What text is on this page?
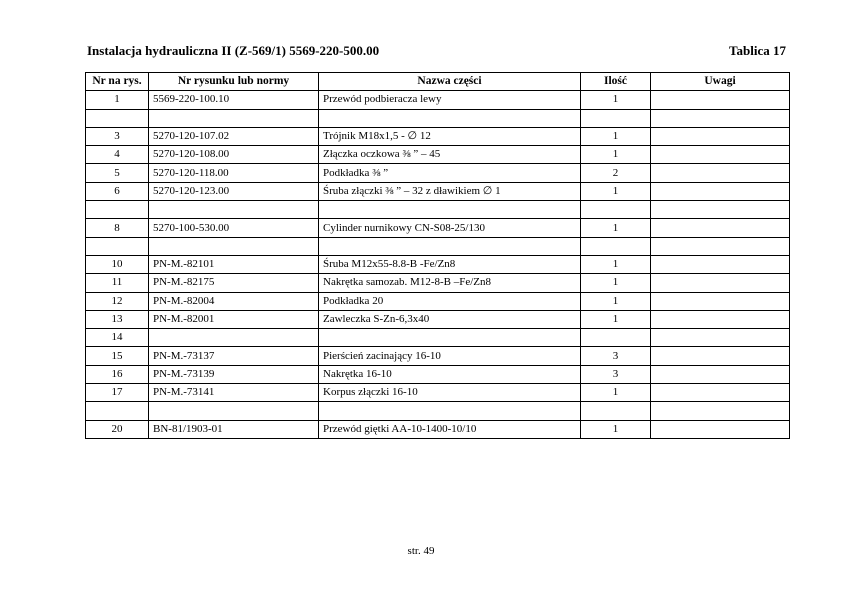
Instalacja hydrauliczna II (Z-569/1) 5569-220-500.00	Tablica 17
Nr na rys.	Nr rysunku lub normy	Nazwa części	Ilość	Uwagi
1	5569-220-100.10	Przewód podbieracza lewy	1	

3	5270-120-107.02	Trójnik M18x1,5 - ∅ 12	1	
4	5270-120-108.00	Złączka oczkowa ⅜ ” – 45	1	
5	5270-120-118.00	Podkładka ⅜ ”	2	
6	5270-120-123.00	Śruba złączki ⅜ ” – 32 z dławikiem ∅ 1	1	

8	5270-100-530.00	Cylinder nurnikowy CN-S08-25/130	1	

10	PN-M.-82101	Śruba M12x55-8.8-B -Fe/Zn8	1	
11	PN-M.-82175	Nakrętka samozab. M12-8-B –Fe/Zn8	1	
12	PN-M.-82004	Podkładka 20	1	
13	PN-M.-82001	Zawleczka S-Zn-6,3x40	1	
14				
15	PN-M.-73137	Pierścień zacinający 16-10	3	
16	PN-M.-73139	Nakrętka 16-10	3	
17	PN-M.-73141	Korpus złączki 16-10	1	

20	BN-81/1903-01	Przewód giętki AA-10-1400-10/10	1	
str. 49
